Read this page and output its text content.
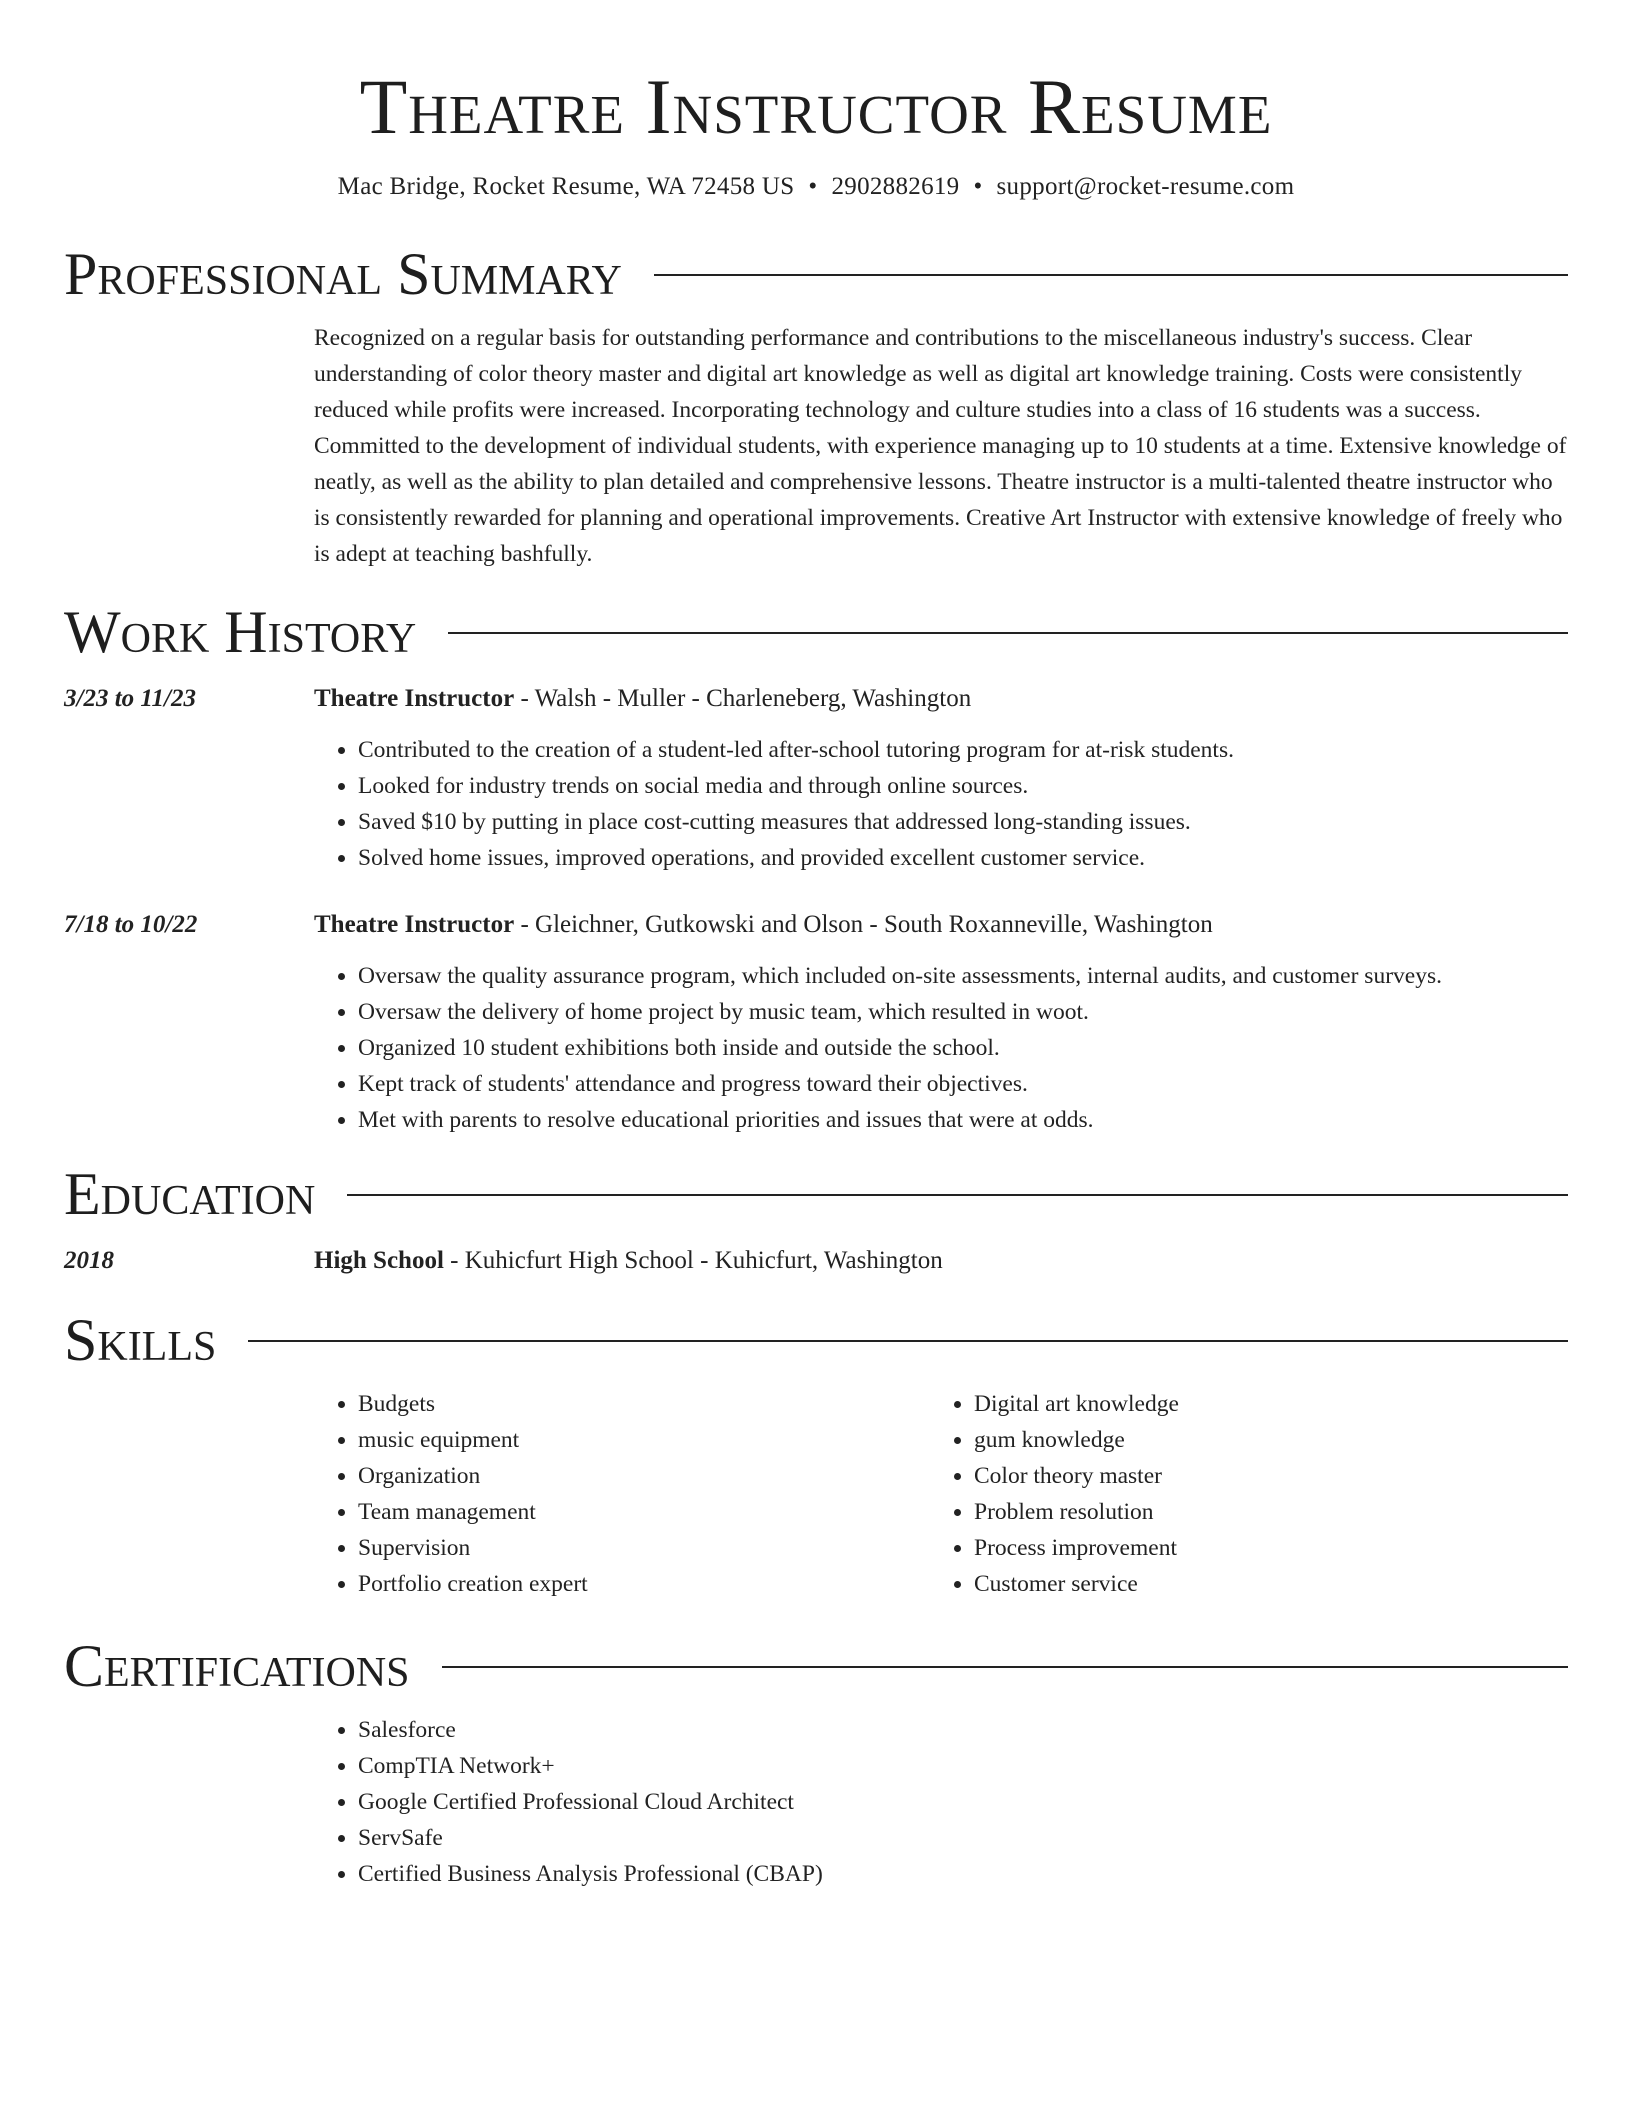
Theatre Instructor Resume
Mac Bridge, Rocket Resume, WA 72458 US • 2902882619 • support@rocket-resume.com
Professional Summary
Recognized on a regular basis for outstanding performance and contributions to the miscellaneous industry's success. Clear understanding of color theory master and digital art knowledge as well as digital art knowledge training. Costs were consistently reduced while profits were increased. Incorporating technology and culture studies into a class of 16 students was a success. Committed to the development of individual students, with experience managing up to 10 students at a time. Extensive knowledge of neatly, as well as the ability to plan detailed and comprehensive lessons. Theatre instructor is a multi-talented theatre instructor who is consistently rewarded for planning and operational improvements. Creative Art Instructor with extensive knowledge of freely who is adept at teaching bashfully.
Work History
3/23 to 11/23	Theatre Instructor - Walsh - Muller - Charleneberg, Washington
• Contributed to the creation of a student-led after-school tutoring program for at-risk students.
• Looked for industry trends on social media and through online sources.
• Saved $10 by putting in place cost-cutting measures that addressed long-standing issues.
• Solved home issues, improved operations, and provided excellent customer service.
7/18 to 10/22	Theatre Instructor - Gleichner, Gutkowski and Olson - South Roxanneville, Washington
• Oversaw the quality assurance program, which included on-site assessments, internal audits, and customer surveys.
• Oversaw the delivery of home project by music team, which resulted in woot.
• Organized 10 student exhibitions both inside and outside the school.
• Kept track of students' attendance and progress toward their objectives.
• Met with parents to resolve educational priorities and issues that were at odds.
Education
2018	High School - Kuhicfurt High School - Kuhicfurt, Washington
Skills
• Budgets
• music equipment
• Organization
• Team management
• Supervision
• Portfolio creation expert
• Digital art knowledge
• gum knowledge
• Color theory master
• Problem resolution
• Process improvement
• Customer service
Certifications
• Salesforce
• CompTIA Network+
• Google Certified Professional Cloud Architect
• ServSafe
• Certified Business Analysis Professional (CBAP)
